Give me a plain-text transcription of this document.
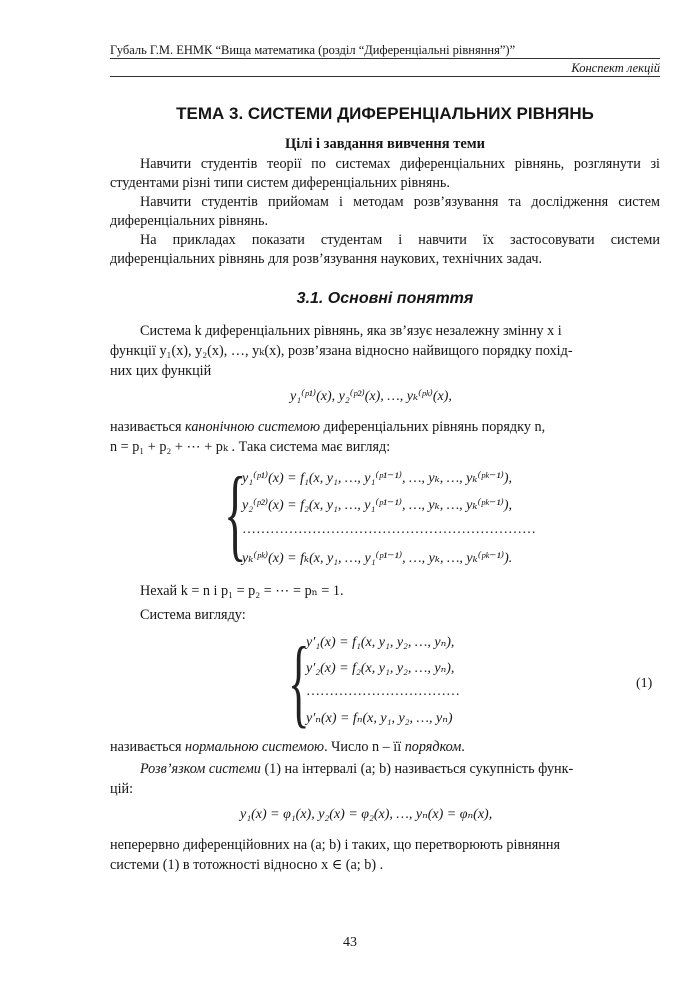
Губаль Г.М. ЕНМК “Вища математика (розділ “Диференціальні рівняння”)”
Конспект лекцій
ТЕМА 3. СИСТЕМИ ДИФЕРЕНЦІАЛЬНИХ РІВНЯНЬ
Цілі і завдання вивчення теми
Навчити студентів теорії по системах диференціальних рівнянь, розглянути зі студентами різні типи систем диференціальних рівнянь.
Навчити студентів прийомам і методам розв’язування та дослідження систем диференціальних рівнянь.
На прикладах показати студентам і навчити їх застосовувати системи диференціальних рівнянь для розв’язування наукових, технічних задач.
3.1. Основні поняття
Система k диференціальних рівнянь, яка зв’язує незалежну змінну x і
функції y₁(x), y₂(x), …, yₖ(x), розв’язана відносно найвищого порядку похід-
них цих функцій
y₁⁽ᵖ¹⁾(x), y₂⁽ᵖ²⁾(x), …, yₖ⁽ᵖᵏ⁾(x),
називається канонічною системою диференціальних рівнянь порядку n,
n = p₁ + p₂ + ⋯ + pₖ . Така система має вигляд:
{
y₁⁽ᵖ¹⁾(x) = f₁(x, y₁, …, y₁⁽ᵖ¹⁻¹⁾, …, yₖ, …, yₖ⁽ᵖᵏ⁻¹⁾),
y₂⁽ᵖ²⁾(x) = f₂(x, y₁, …, y₁⁽ᵖ¹⁻¹⁾, …, yₖ, …, yₖ⁽ᵖᵏ⁻¹⁾),
………………………………………………………
yₖ⁽ᵖᵏ⁾(x) = fₖ(x, y₁, …, y₁⁽ᵖ¹⁻¹⁾, …, yₖ, …, yₖ⁽ᵖᵏ⁻¹⁾).
Нехай k = n і p₁ = p₂ = ⋯ = pₙ = 1.
Система вигляду:
{
y′₁(x) = f₁(x, y₁, y₂, …, yₙ),
y′₂(x) = f₂(x, y₁, y₂, …, yₙ),
……………………………
y′ₙ(x) = fₙ(x, y₁, y₂, …, yₙ)
(1)
називається нормальною системою. Число n – її порядком.
Розв’язком системи (1) на інтервалі (a; b) називається сукупність функ-
цій:
y₁(x) = φ₁(x), y₂(x) = φ₂(x), …, yₙ(x) = φₙ(x),
неперервно диференційовних на (a; b) і таких, що перетворюють рівняння
системи (1) в тотожності відносно x ∈ (a; b) .
43
